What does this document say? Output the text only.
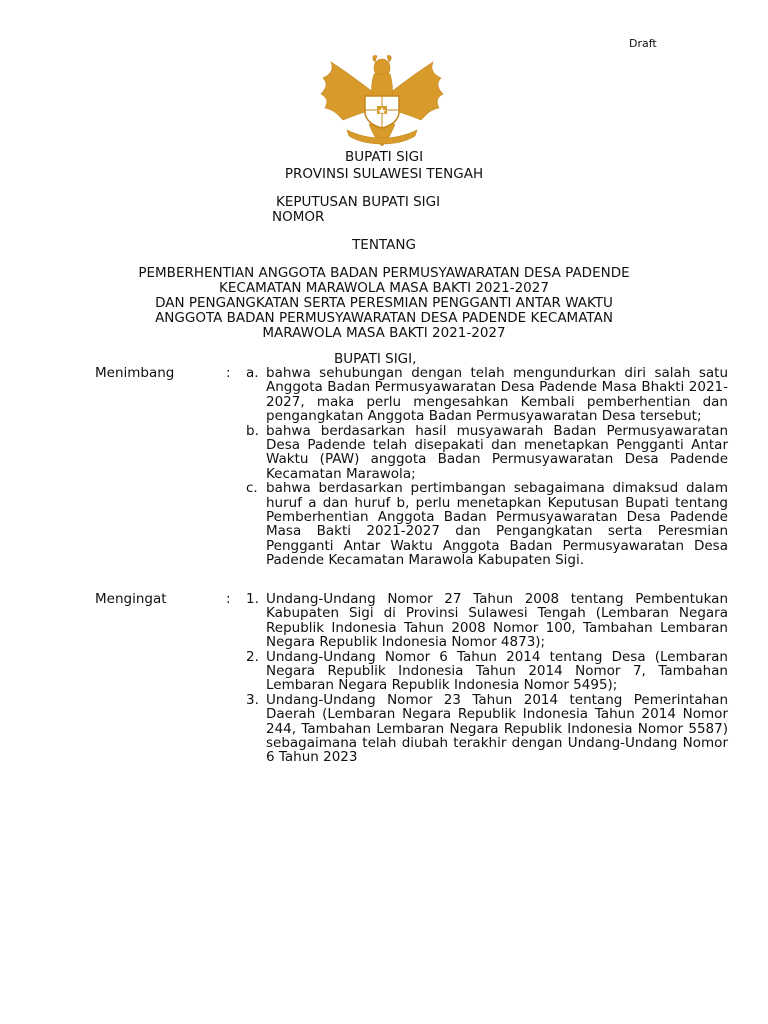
Draft
BUPATI SIGI
PROVINSI SULAWESI TENGAH
KEPUTUSAN BUPATI SIGI
NOMOR
TENTANG
PEMBERHENTIAN ANGGOTA BADAN PERMUSYAWARATAN DESA PADENDE
KECAMATAN MARAWOLA MASA BAKTI 2021-2027
DAN PENGANGKATAN SERTA PERESMIAN PENGGANTI ANTAR WAKTU
ANGGOTA BADAN PERMUSYAWARATAN DESA PADENDE KECAMATAN
MARAWOLA MASA BAKTI 2021-2027
BUPATI SIGI,
Menimbang	: a. bahwa sehubungan dengan telah mengundurkan diri salah satu Anggota Badan Permusyawaratan Desa Padende Masa Bhakti 2021-2027, maka perlu mengesahkan Kembali pemberhentian dan pengangkatan Anggota Badan Permusyawaratan Desa tersebut;
b. bahwa berdasarkan hasil musyawarah Badan Permusyawaratan Desa Padende telah disepakati dan menetapkan Pengganti Antar Waktu (PAW) anggota Badan Permusyawaratan Desa Padende Kecamatan Marawola;
c. bahwa berdasarkan pertimbangan sebagaimana dimaksud dalam huruf a dan huruf b, perlu menetapkan Keputusan Bupati tentang Pemberhentian Anggota Badan Permusyawaratan Desa Padende Masa Bakti 2021-2027 dan Pengangkatan serta Peresmian Pengganti Antar Waktu Anggota Badan Permusyawaratan Desa Padende Kecamatan Marawola Kabupaten Sigi.
Mengingat	: 1. Undang-Undang Nomor 27 Tahun 2008 tentang Pembentukan Kabupaten Sigi di Provinsi Sulawesi Tengah (Lembaran Negara Republik Indonesia Tahun 2008 Nomor 100, Tambahan Lembaran Negara Republik Indonesia Nomor 4873);
2. Undang-Undang Nomor 6 Tahun 2014 tentang Desa (Lembaran Negara Republik Indonesia Tahun 2014 Nomor 7, Tambahan Lembaran Negara Republik Indonesia Nomor 5495);
3. Undang-Undang Nomor 23 Tahun 2014 tentang Pemerintahan Daerah (Lembaran Negara Republik Indonesia Tahun 2014 Nomor 244, Tambahan Lembaran Negara Republik Indonesia Nomor 5587) sebagaimana telah diubah terakhir dengan Undang-Undang Nomor 6 Tahun 2023
